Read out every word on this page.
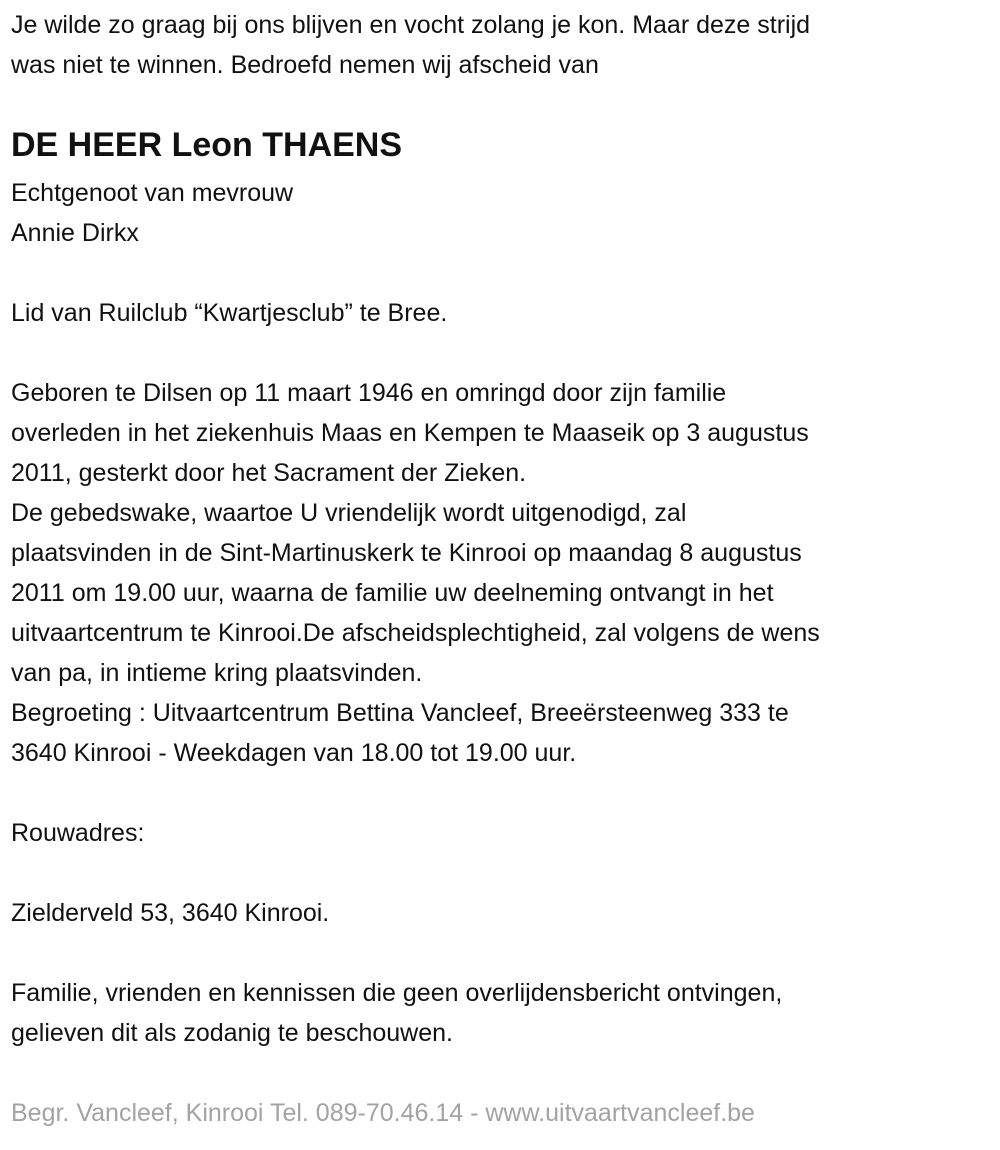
Je wilde zo graag bij ons blijven en vocht zolang je kon. Maar deze strijd
was niet te winnen. Bedroefd nemen wij afscheid van
DE HEER Leon THAENS
Echtgenoot van mevrouw
Annie Dirkx
Lid van Ruilclub “Kwartjesclub” te Bree.
Geboren te Dilsen op 11 maart 1946 en omringd door zijn familie
overleden in het ziekenhuis Maas en Kempen te Maaseik op 3 augustus
2011, gesterkt door het Sacrament der Zieken.
De gebedswake, waartoe U vriendelijk wordt uitgenodigd, zal
plaatsvinden in de Sint-Martinuskerk te Kinrooi op maandag 8 augustus
2011 om 19.00 uur, waarna de familie uw deelneming ontvangt in het
uitvaartcentrum te Kinrooi.De afscheidsplechtigheid, zal volgens de wens
van pa, in intieme kring plaatsvinden.
Begroeting : Uitvaartcentrum Bettina Vancleef, Breeërsteenweg 333 te
3640 Kinrooi - Weekdagen van 18.00 tot 19.00 uur.
Rouwadres:
Zielderveld 53, 3640 Kinrooi.
Familie, vrienden en kennissen die geen overlijdensbericht ontvingen,
gelieven dit als zodanig te beschouwen.
Begr. Vancleef, Kinrooi Tel. 089-70.46.14 - www.uitvaartvancleef.be
